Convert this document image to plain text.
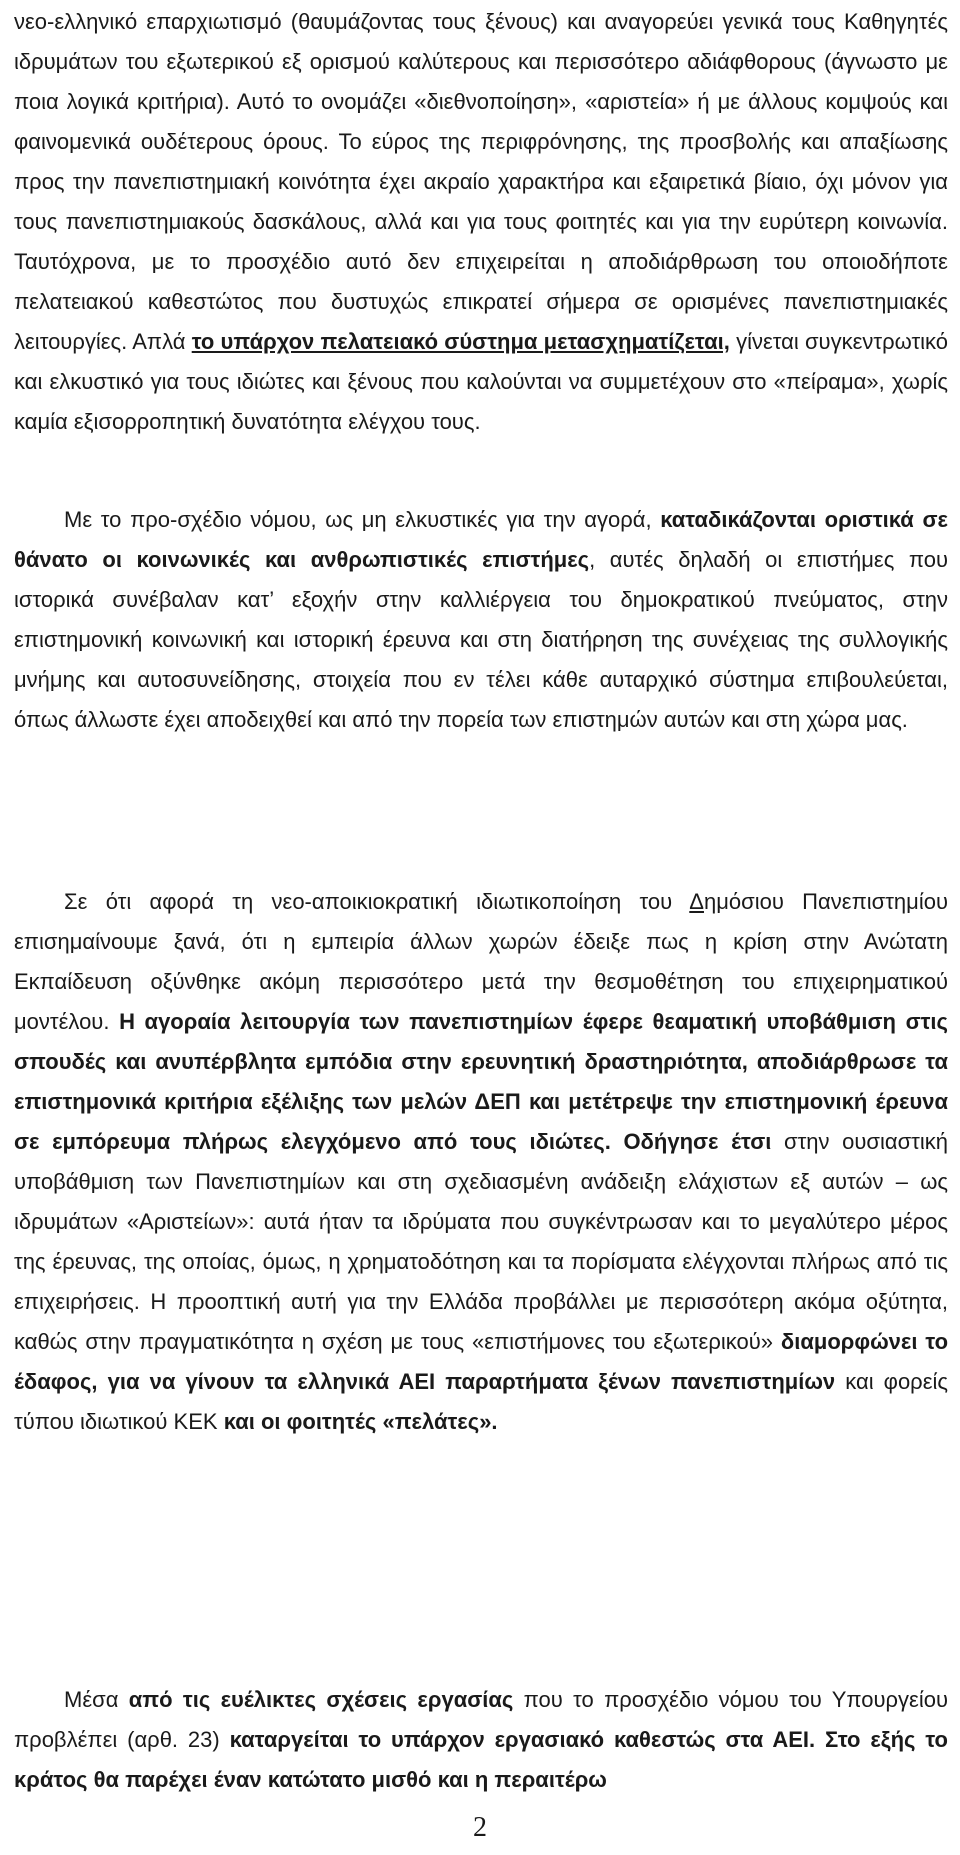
νεο-ελληνικό επαρχιωτισμό (θαυμάζοντας τους ξένους) και αναγορεύει γενικά τους Καθηγητές ιδρυμάτων του εξωτερικού εξ ορισμού καλύτερους και περισσότερο αδιάφθορους (άγνωστο με ποια λογικά κριτήρια). Αυτό το ονομάζει «διεθνοποίηση», «αριστεία» ή με άλλους κομψούς και φαινομενικά ουδέτερους όρους. Το εύρος της περιφρόνησης, της προσβολής και απαξίωσης προς την πανεπιστημιακή κοινότητα έχει ακραίο χαρακτήρα και εξαιρετικά βίαιο, όχι μόνον για τους πανεπιστημιακούς δασκάλους, αλλά και για τους φοιτητές και για την ευρύτερη κοινωνία. Ταυτόχρονα, με το προσχέδιο αυτό δεν επιχειρείται η αποδιάρθρωση του οποιοδήποτε πελατειακού καθεστώτος που δυστυχώς επικρατεί σήμερα σε ορισμένες πανεπιστημιακές λειτουργίες. Απλά το υπάρχον πελατειακό σύστημα μετασχηματίζεται, γίνεται συγκεντρωτικό και ελκυστικό για τους ιδιώτες και ξένους που καλούνται να συμμετέχουν στο «πείραμα», χωρίς καμία εξισορροπητική δυνατότητα ελέγχου τους.

Με το προ-σχέδιο νόμου, ως μη ελκυστικές για την αγορά, καταδικάζονται οριστικά σε θάνατο οι κοινωνικές και ανθρωπιστικές επιστήμες, αυτές δηλαδή οι επιστήμες που ιστορικά συνέβαλαν κατ’ εξοχήν στην καλλιέργεια του δημοκρατικού πνεύματος, στην επιστημονική κοινωνική και ιστορική έρευνα και στη διατήρηση της συνέχειας της συλλογικής μνήμης και αυτοσυνείδησης, στοιχεία που εν τέλει κάθε αυταρχικό σύστημα επιβουλεύεται, όπως άλλωστε έχει αποδειχθεί και από την πορεία των επιστημών αυτών και στη χώρα μας.

Σε ότι αφορά τη νεο-αποικιοκρατική ιδιωτικοποίηση του Δημόσιου Πανεπιστημίου επισημαίνουμε ξανά, ότι η εμπειρία άλλων χωρών έδειξε πως η κρίση στην Ανώτατη Εκπαίδευση οξύνθηκε ακόμη περισσότερο μετά την θεσμοθέτηση του επιχειρηματικού μοντέλου. Η αγοραία λειτουργία των πανεπιστημίων έφερε θεαματική υποβάθμιση στις σπουδές και ανυπέρβλητα εμπόδια στην ερευνητική δραστηριότητα, αποδιάρθρωσε τα επιστημονικά κριτήρια εξέλιξης των μελών ΔΕΠ και μετέτρεψε την επιστημονική έρευνα σε εμπόρευμα πλήρως ελεγχόμενο από τους ιδιώτες. Οδήγησε έτσι στην ουσιαστική υποβάθμιση των Πανεπιστημίων και στη σχεδιασμένη ανάδειξη ελάχιστων εξ αυτών – ως ιδρυμάτων «Αριστείων»: αυτά ήταν τα ιδρύματα που συγκέντρωσαν και το μεγαλύτερο μέρος της έρευνας, της οποίας, όμως, η χρηματοδότηση και τα πορίσματα ελέγχονται πλήρως από τις επιχειρήσεις. Η προοπτική αυτή για την Ελλάδα προβάλλει με περισσότερη ακόμα οξύτητα, καθώς στην πραγματικότητα η σχέση με τους «επιστήμονες του εξωτερικού» διαμορφώνει το έδαφος, για να γίνουν τα ελληνικά ΑΕΙ παραρτήματα ξένων πανεπιστημίων και φορείς τύπου ιδιωτικού ΚΕΚ και οι φοιτητές «πελάτες».

Μέσα από τις ευέλικτες σχέσεις εργασίας που το προσχέδιο νόμου του Υπουργείου προβλέπει (αρθ. 23) καταργείται το υπάρχον εργασιακό καθεστώς στα ΑΕΙ. Στο εξής το κράτος θα παρέχει έναν κατώτατο μισθό και η περαιτέρω

2
